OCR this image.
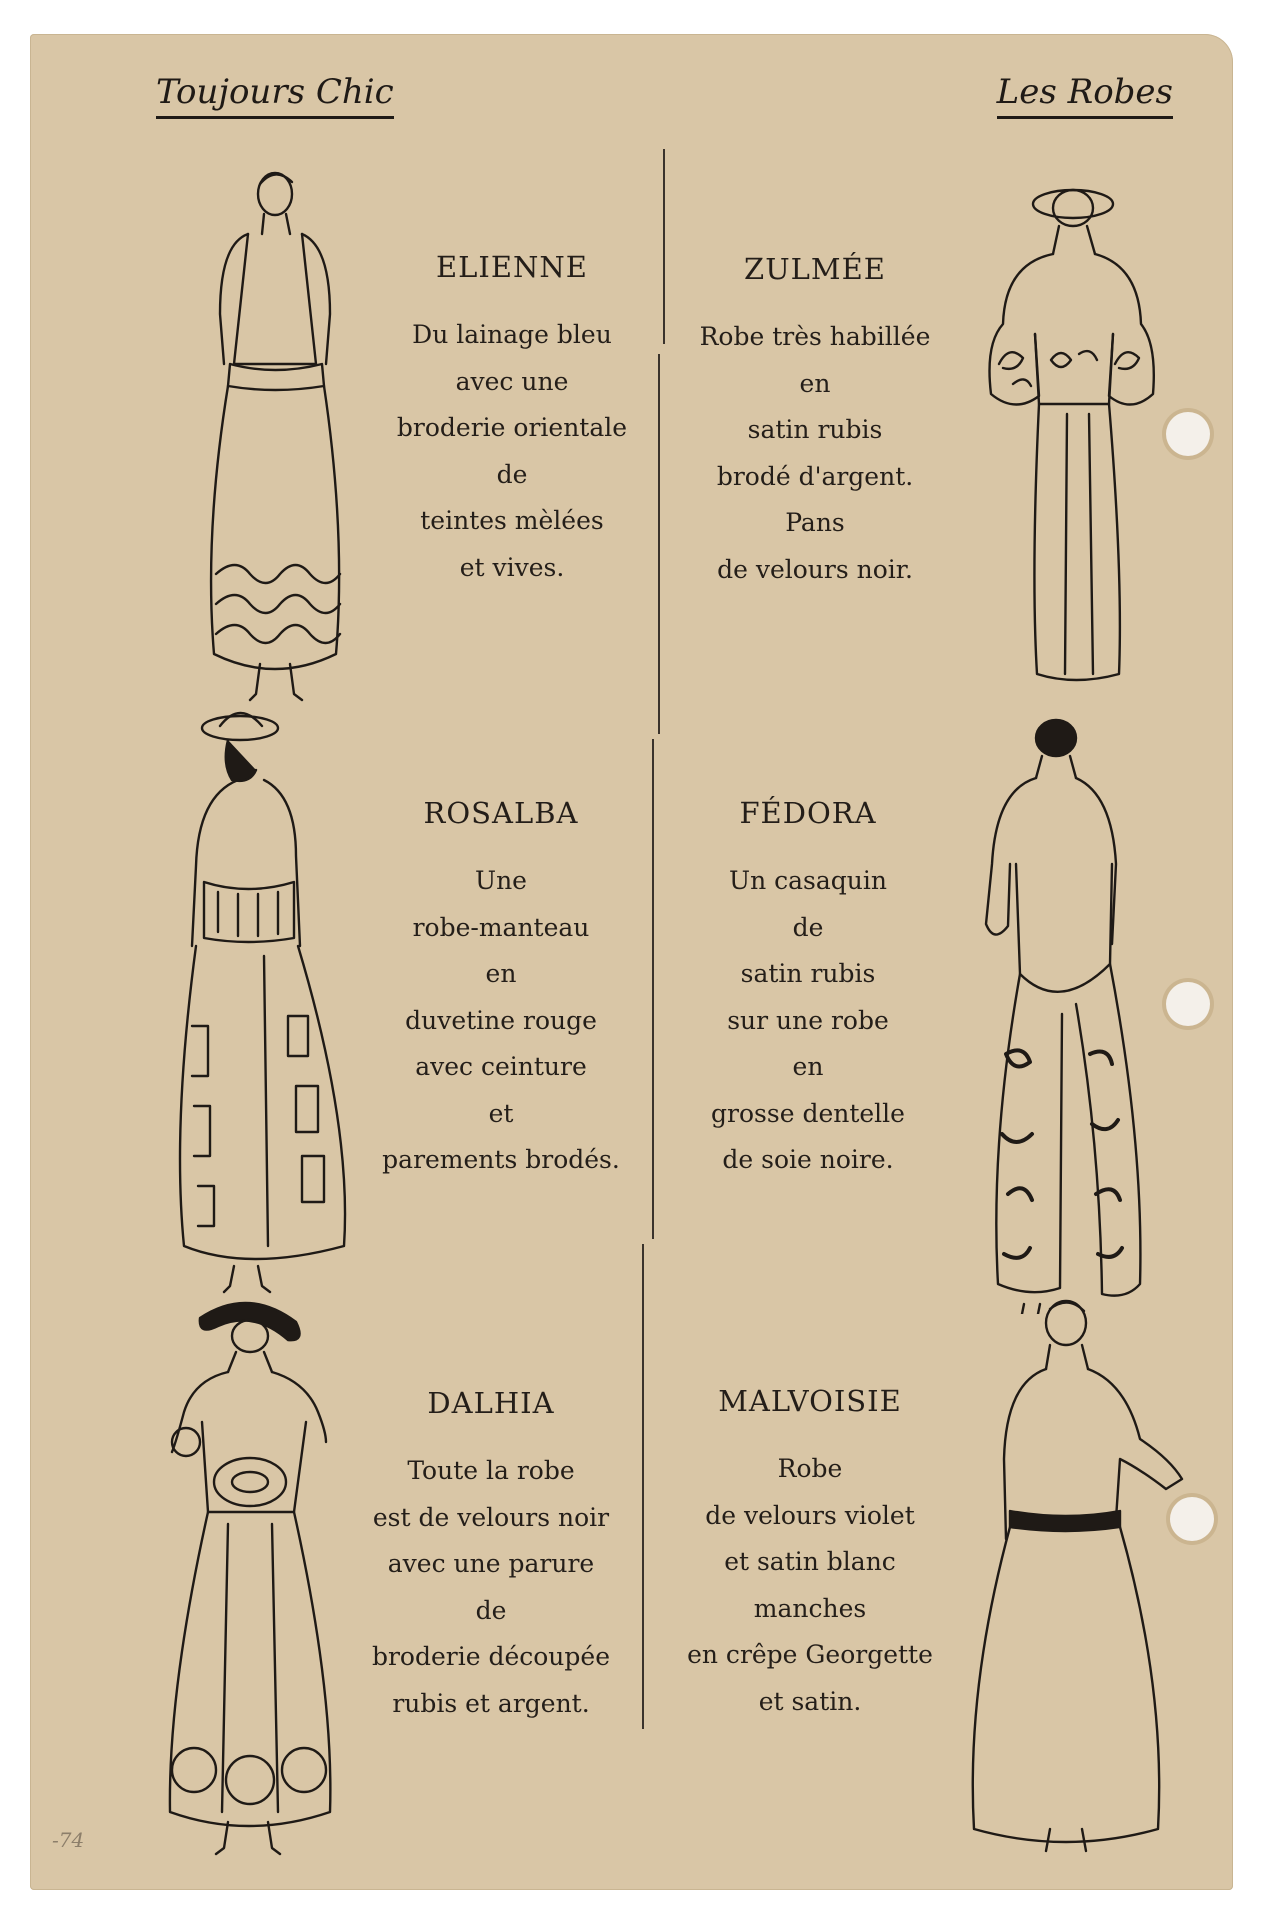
Toujours Chic	Les Robes
ELIENNE
Du lainage bleu
avec une
broderie orientale
de
teintes mèlées
et vives.
ZULMÉE
Robe très habillée
en
satin rubis
brodé d'argent.
Pans
de velours noir.
ROSALBA
Une
robe-manteau
en
duvetine rouge
avec ceinture
et
parements brodés.
FÉDORA
Un casaquin
de
satin rubis
sur une robe
en
grosse dentelle
de soie noire.
DALHIA
Toute la robe
est de velours noir
avec une parure
de
broderie découpée
rubis et argent.
MALVOISIE
Robe
de velours violet
et satin blanc
manches
en crêpe Georgette
et satin.
-74
